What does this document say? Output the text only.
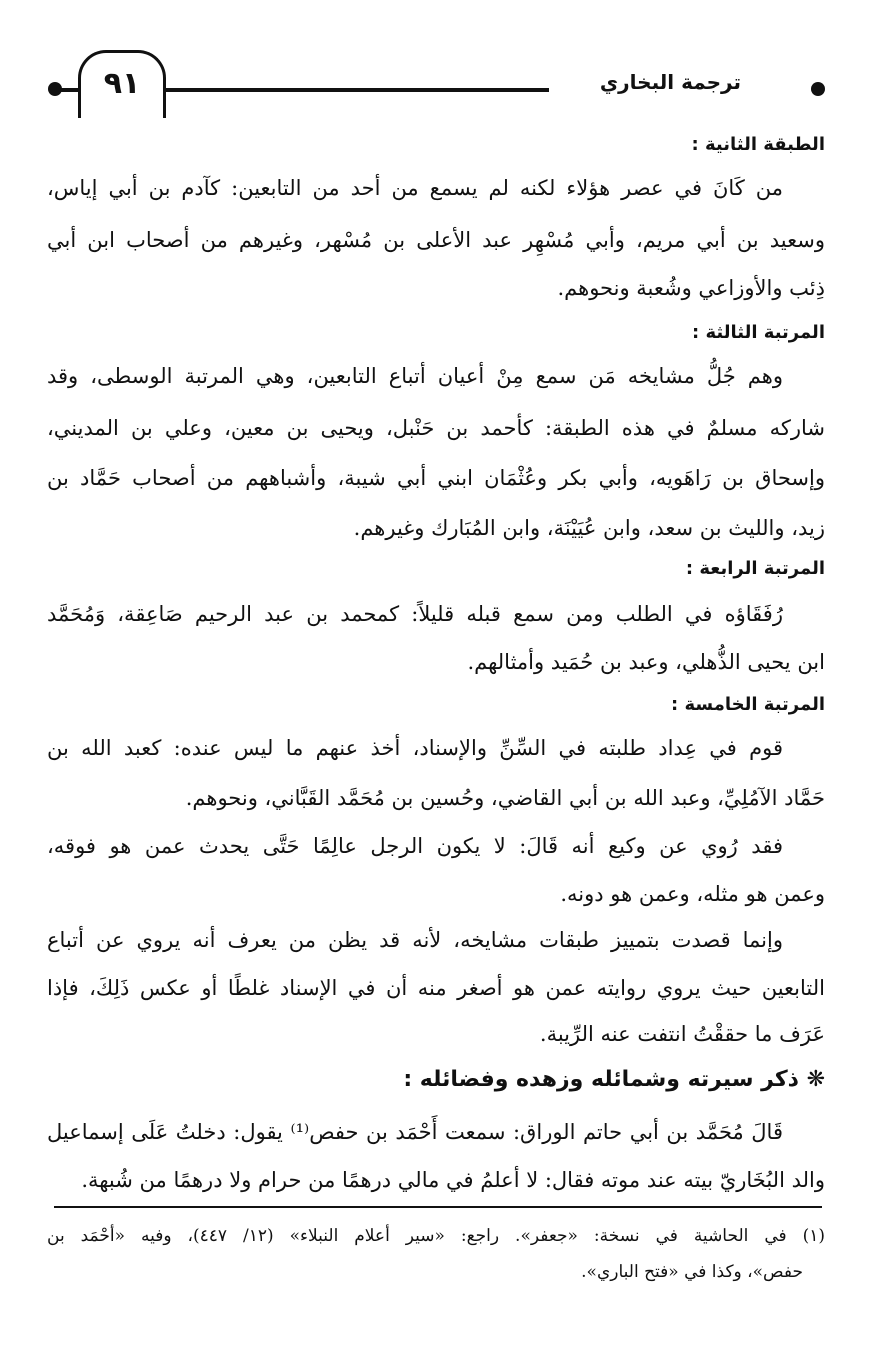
٩١	ترجمة البخاري
الطبقة الثانية :
من كَانَ في عصر هؤلاء لكنه لم يسمع من أحد من التابعين: كآدم بن أبي إياس،
وسعيد بن أبي مريم، وأبي مُسْهِر عبد الأعلى بن مُسْهر، وغيرهم من أصحاب ابن أبي
ذِئب والأوزاعي وشُعبة ونحوهم.
المرتبة الثالثة :
وهم جُلُّ مشايخه مَن سمع مِنْ أعيان أتباع التابعين، وهي المرتبة الوسطى، وقد
شاركه مسلمٌ في هذه الطبقة: كأحمد بن حَنْبل، ويحيى بن معين، وعلي بن المديني،
وإسحاق بن رَاهَويه، وأبي بكر وعُثْمَان ابني أبي شيبة، وأشباههم من أصحاب حَمَّاد بن
زيد، والليث بن سعد، وابن عُيَيْنَة، وابن المُبَارك وغيرهم.
المرتبة الرابعة :
رُفَقَاؤه في الطلب ومن سمع قبله قليلاً: كمحمد بن عبد الرحيم صَاعِقة، وَمُحَمَّد
ابن يحيى الذُّهلي، وعبد بن حُمَيد وأمثالهم.
المرتبة الخامسة :
قوم في عِداد طلبته في السِّنِّ والإسناد، أخذ عنهم ما ليس عنده: كعبد الله بن
حَمَّاد الآمُلِيِّ، وعبد الله بن أبي القاضي، وحُسين بن مُحَمَّد القَبَّاني، ونحوهم.
فقد رُوي عن وكيع أنه قَالَ: لا يكون الرجل عالِمًا حَتَّى يحدث عمن هو فوقه،
وعمن هو مثله، وعمن هو دونه.
وإنما قصدت بتمييز طبقات مشايخه، لأنه قد يظن من يعرف أنه يروي عن أتباع
التابعين حيث يروي روايته عمن هو أصغر منه أن في الإسناد غلطًا أو عكس ذَلِكَ، فإذا
عَرَف ما حققْتُ انتفت عنه الرِّيبة.
❋ ذكر سيرته وشمائله وزهده وفضائله :
قَالَ مُحَمَّد بن أبي حاتم الوراق: سمعت أَحْمَد بن حفص⁽¹⁾ يقول: دخلتُ عَلَى إسماعيل
والد البُخَاريّ بيته عند موته فقال: لا أعلمُ في مالي درهمًا من حرام ولا درهمًا من شُبهة.
(١) في الحاشية في نسخة: «جعفر». راجع: «سير أعلام النبلاء» (١٢/ ٤٤٧)، وفيه «أحْمَد بن
حفص»، وكذا في «فتح الباري».
